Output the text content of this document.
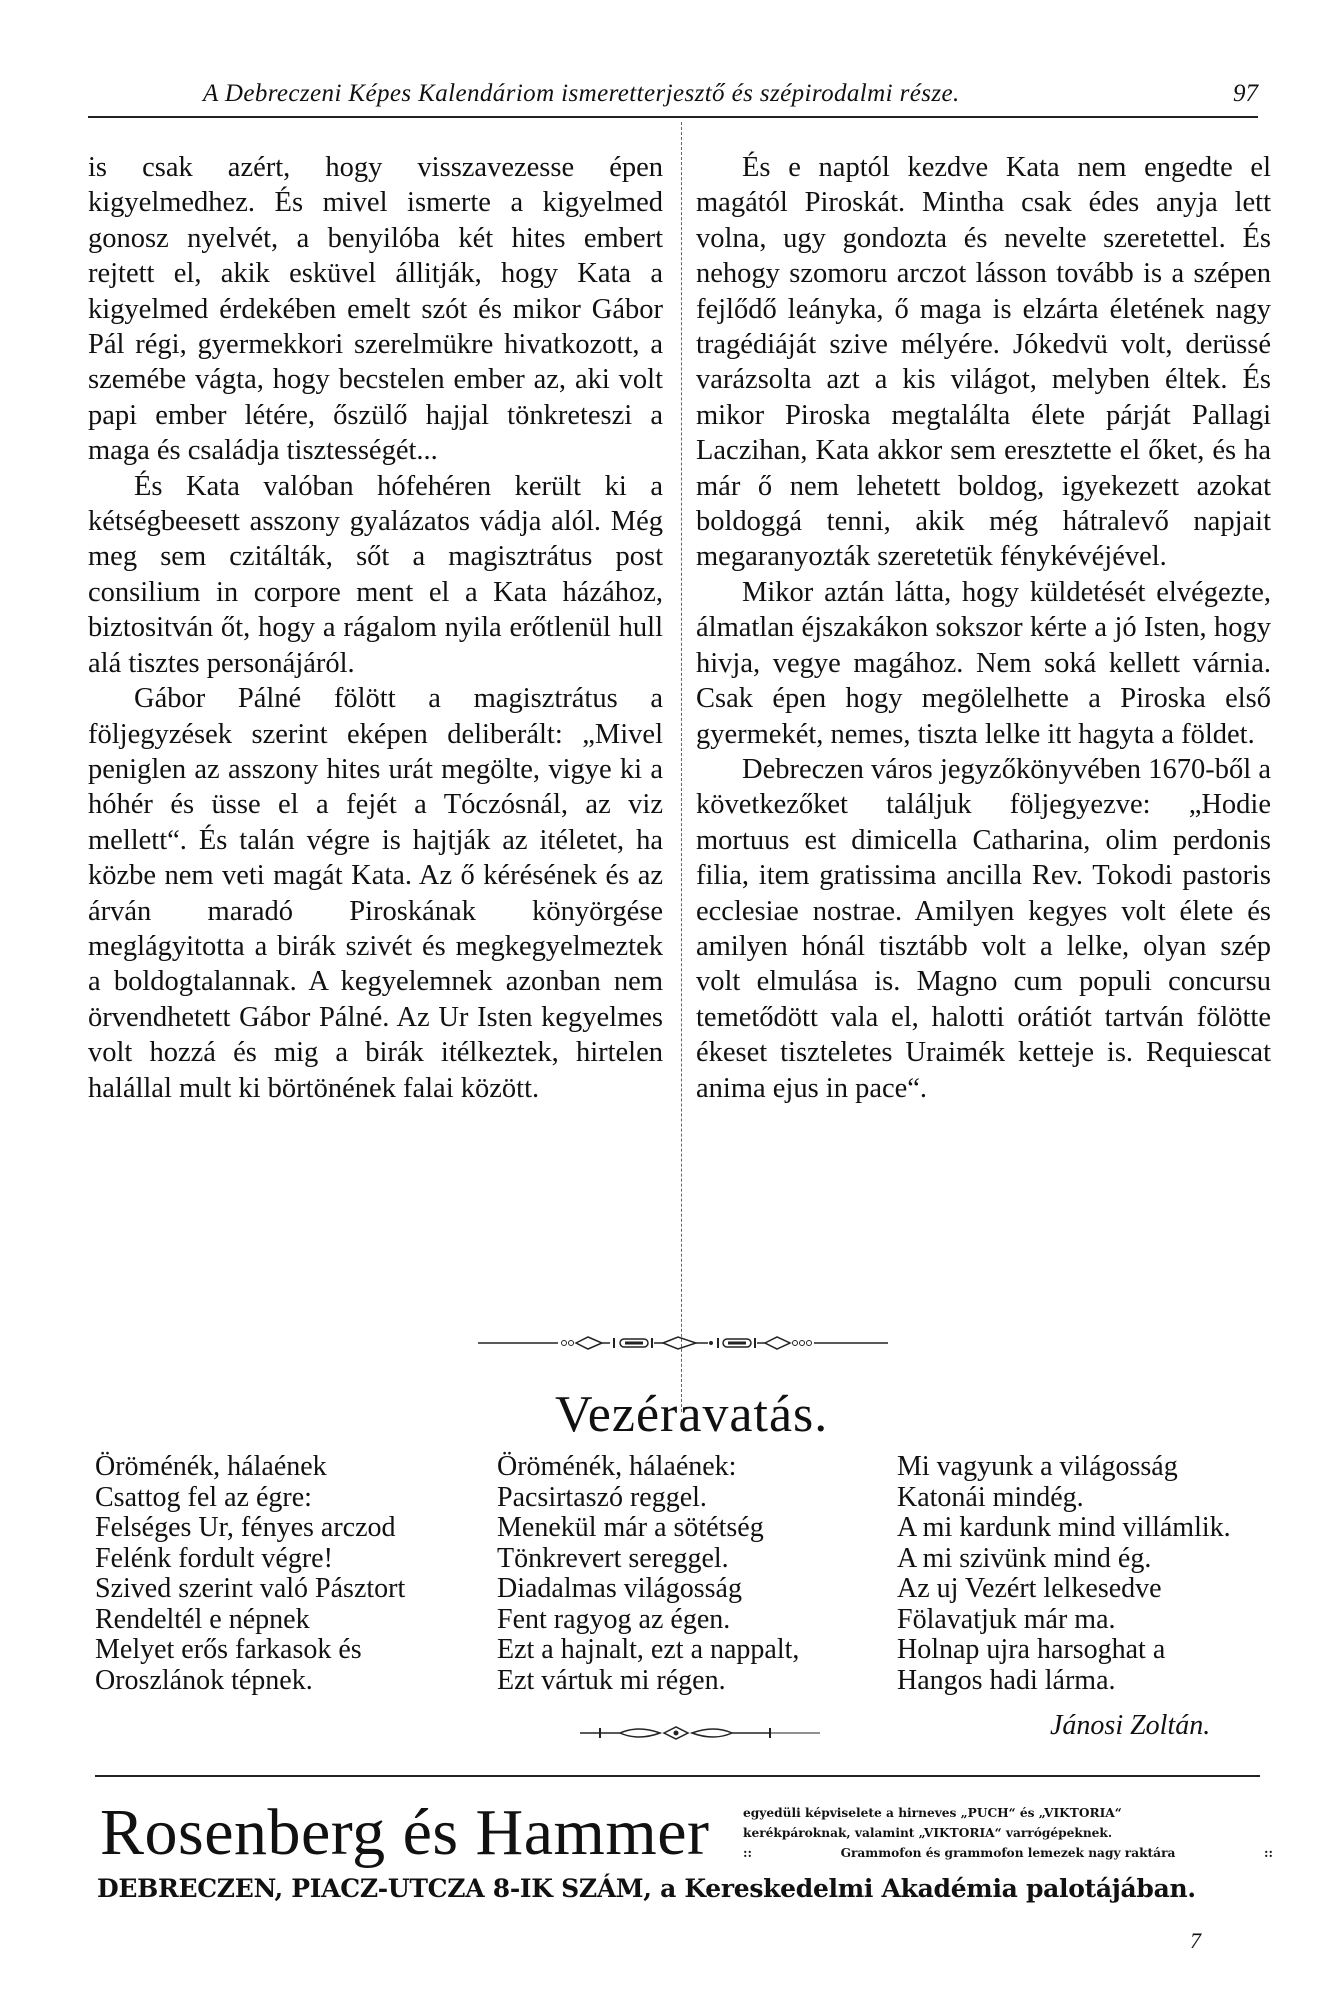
A Debreczeni Képes Kalendáriom ismeretterjesztő és szépirodalmi része.	97

is csak azért, hogy visszavezesse épen kigyelmedhez. És mivel ismerte a kigyelmed gonosz nyelvét, a benyilóba két hites embert rejtett el, akik esküvel állitják, hogy Kata a kigyelmed érdekében emelt szót és mikor Gábor Pál régi, gyermekkori szerelmükre hivatkozott, a szemébe vágta, hogy becstelen ember az, aki volt papi ember létére, őszülő hajjal tönkreteszi a maga és családja tisztességét...

És Kata valóban hófehéren került ki a kétségbeesett asszony gyalázatos vádja alól. Még meg sem czitálták, sőt a magisztrátus post consilium in corpore ment el a Kata házához, biztositván őt, hogy a rágalom nyila erőtlenül hull alá tisztes personájáról.

Gábor Pálné fölött a magisztrátus a följegyzések szerint eképen deliberált: „Mivel peniglen az asszony hites urát megölte, vigye ki a hóhér és üsse el a fejét a Tóczósnál, az viz mellett“. És talán végre is hajtják az itéletet, ha közbe nem veti magát Kata. Az ő kérésének és az árván maradó Piroskának könyörgése meglágyitotta a birák szivét és megkegyelmeztek a boldogtalannak. A kegyelemnek azonban nem örvendhetett Gábor Pálné. Az Ur Isten kegyelmes volt hozzá és mig a birák itélkeztek, hirtelen halállal mult ki börtönének falai között.

És e naptól kezdve Kata nem engedte el magától Piroskát. Mintha csak édes anyja lett volna, ugy gondozta és nevelte szeretettel. És nehogy szomoru arczot lásson tovább is a szépen fejlődő leányka, ő maga is elzárta életének nagy tragédiáját szive mélyére. Jókedvü volt, derüssé varázsolta azt a kis világot, melyben éltek. És mikor Piroska megtalálta élete párját Pallagi Laczihan, Kata akkor sem eresztette el őket, és ha már ő nem lehetett boldog, igyekezett azokat boldoggá tenni, akik még hátralevő napjait megaranyozták szeretetük fénykévéjével.

Mikor aztán látta, hogy küldetését elvégezte, álmatlan éjszakákon sokszor kérte a jó Isten, hogy hivja, vegye magához. Nem soká kellett várnia. Csak épen hogy megölelhette a Piroska első gyermekét, nemes, tiszta lelke itt hagyta a földet.

Debreczen város jegyzőkönyvében 1670-ből a következőket találjuk följegyezve: „Hodie mortuus est dimicella Catharina, olim perdonis filia, item gratissima ancilla Rev. Tokodi pastoris ecclesiae nostrae. Amilyen kegyes volt élete és amilyen hónál tisztább volt a lelke, olyan szép volt elmulása is. Magno cum populi concursu temetődött vala el, halotti orátiót tartván fölötte ékeset tiszteletes Uraimék ketteje is. Requiescat anima ejus in pace“.

Vezéravatás.
Öröménék, hálaének
Csattog fel az égre:
Felséges Ur, fényes arczod
Felénk fordult végre!
Szived szerint való Pásztort
Rendeltél e népnek
Melyet erős farkasok és
Oroszlánok tépnek.
Öröménék, hálaének:
Pacsirtaszó reggel.
Menekül már a sötétség
Tönkrevert sereggel.
Diadalmas világosság
Fent ragyog az égen.
Ezt a hajnalt, ezt a nappalt,
Ezt vártuk mi régen.
Mi vagyunk a világosság
Katonái mindég.
A mi kardunk mind villámlik.
A mi szivünk mind ég.
Az uj Vezért lelkesedve
Fölavatjuk már ma.
Holnap ujra harsoghat a
Hangos hadi lárma.
Jánosi Zoltán.
Rosenberg és Hammer	egyedüli képviselete a hirneves „PUCH“ és „VIKTORIA“
kerékpároknak, valamint „VIKTORIA“ varrógépeknek.
::	Grammofon és grammofon lemezek nagy raktára	::
DEBRECZEN, PIACZ-UTCZA 8-IK SZÁM, a Kereskedelmi Akadémia palotájában.
7
